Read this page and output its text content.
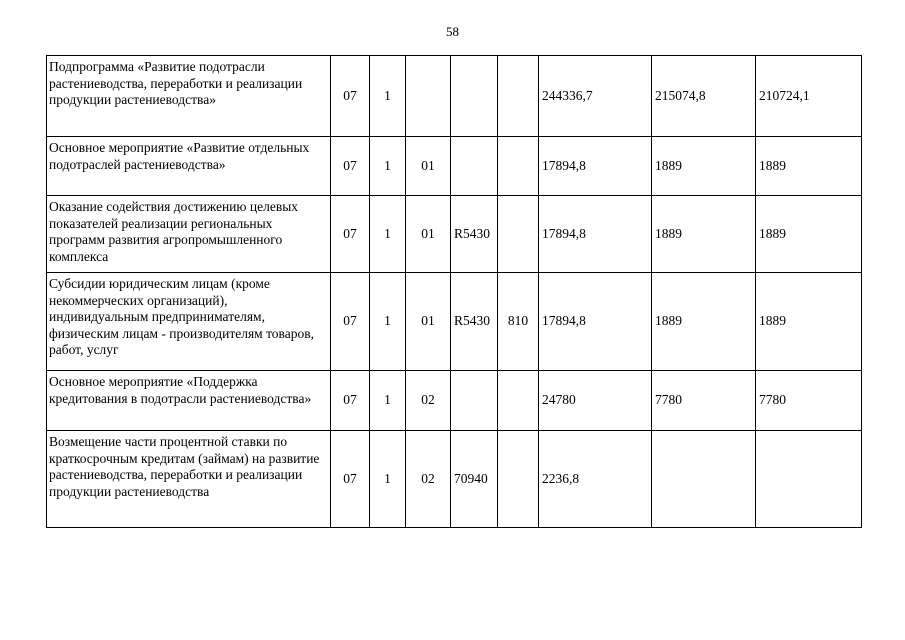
58
Подпрограмма «Развитие подотрасли растениеводства, переработки и реализации продукции растениеводства»	07	1				244336,7	215074,8	210724,1
Основное мероприятие «Развитие отдельных подотраслей растениеводства»	07	1	01			17894,8	1889	1889
Оказание содействия достижению целевых показателей реализации региональных программ развития агропромышленного комплекса	07	1	01	R5430		17894,8	1889	1889
Субсидии юридическим лицам (кроме некоммерческих организаций), индивидуальным предпринимателям, физическим лицам - производителям товаров, работ, услуг	07	1	01	R5430	810	17894,8	1889	1889
Основное мероприятие «Поддержка кредитования в подотрасли растениеводства»	07	1	02			24780	7780	7780
Возмещение части процентной ставки по краткосрочным кредитам (займам) на развитие растениеводства, переработки и реализации продукции растениеводства	07	1	02	70940		2236,8		
